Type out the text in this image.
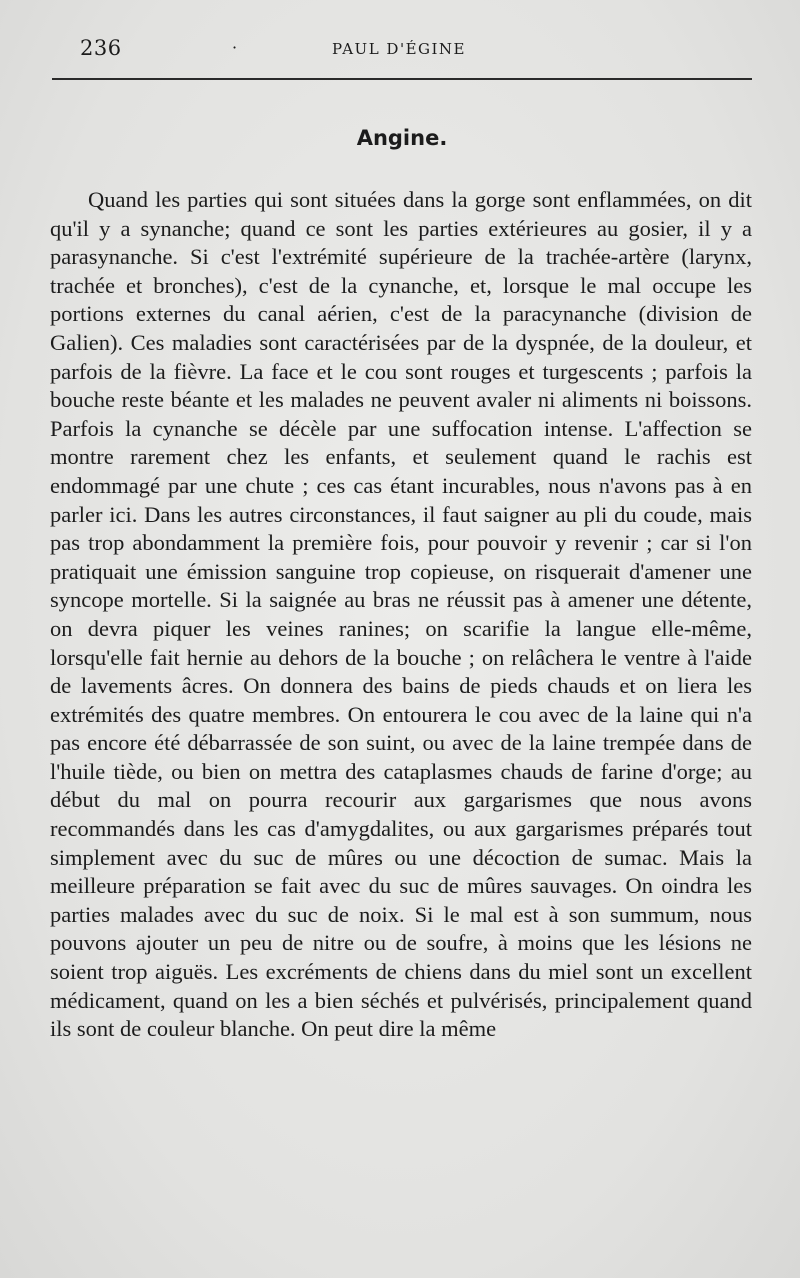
236	·	PAUL D'ÉGINE
Angine.

Quand les parties qui sont situées dans la gorge sont enflammées, on dit qu'il y a synanche; quand ce sont les parties extérieures au gosier, il y a parasynanche. Si c'est l'extrémité supérieure de la trachée-artère (larynx, trachée et bronches), c'est de la cynanche, et, lorsque le mal occupe les portions externes du canal aérien, c'est de la paracynanche (division de Galien). Ces maladies sont caractérisées par de la dyspnée, de la douleur, et parfois de la fièvre. La face et le cou sont rouges et turgescents ; parfois la bouche reste béante et les malades ne peuvent avaler ni aliments ni boissons. Parfois la cynanche se décèle par une suffocation intense. L'affection se montre rarement chez les enfants, et seulement quand le rachis est endommagé par une chute ; ces cas étant incurables, nous n'avons pas à en parler ici. Dans les autres circonstances, il faut saigner au pli du coude, mais pas trop abondamment la première fois, pour pouvoir y revenir ; car si l'on pratiquait une émission sanguine trop copieuse, on risquerait d'amener une syncope mortelle. Si la saignée au bras ne réussit pas à amener une détente, on devra piquer les veines ranines; on scarifie la langue elle-même, lorsqu'elle fait hernie au dehors de la bouche ; on relâchera le ventre à l'aide de lavements âcres. On donnera des bains de pieds chauds et on liera les extrémités des quatre membres. On entourera le cou avec de la laine qui n'a pas encore été débarrassée de son suint, ou avec de la laine trempée dans de l'huile tiède, ou bien on mettra des cataplasmes chauds de farine d'orge; au début du mal on pourra recourir aux gargarismes que nous avons recommandés dans les cas d'amygdalites, ou aux gargarismes préparés tout simplement avec du suc de mûres ou une décoction de sumac. Mais la meilleure préparation se fait avec du suc de mûres sauvages. On oindra les parties malades avec du suc de noix. Si le mal est à son summum, nous pouvons ajouter un peu de nitre ou de soufre, à moins que les lésions ne soient trop aiguës. Les excréments de chiens dans du miel sont un excellent médicament, quand on les a bien séchés et pulvérisés, principalement quand ils sont de couleur blanche. On peut dire la même
